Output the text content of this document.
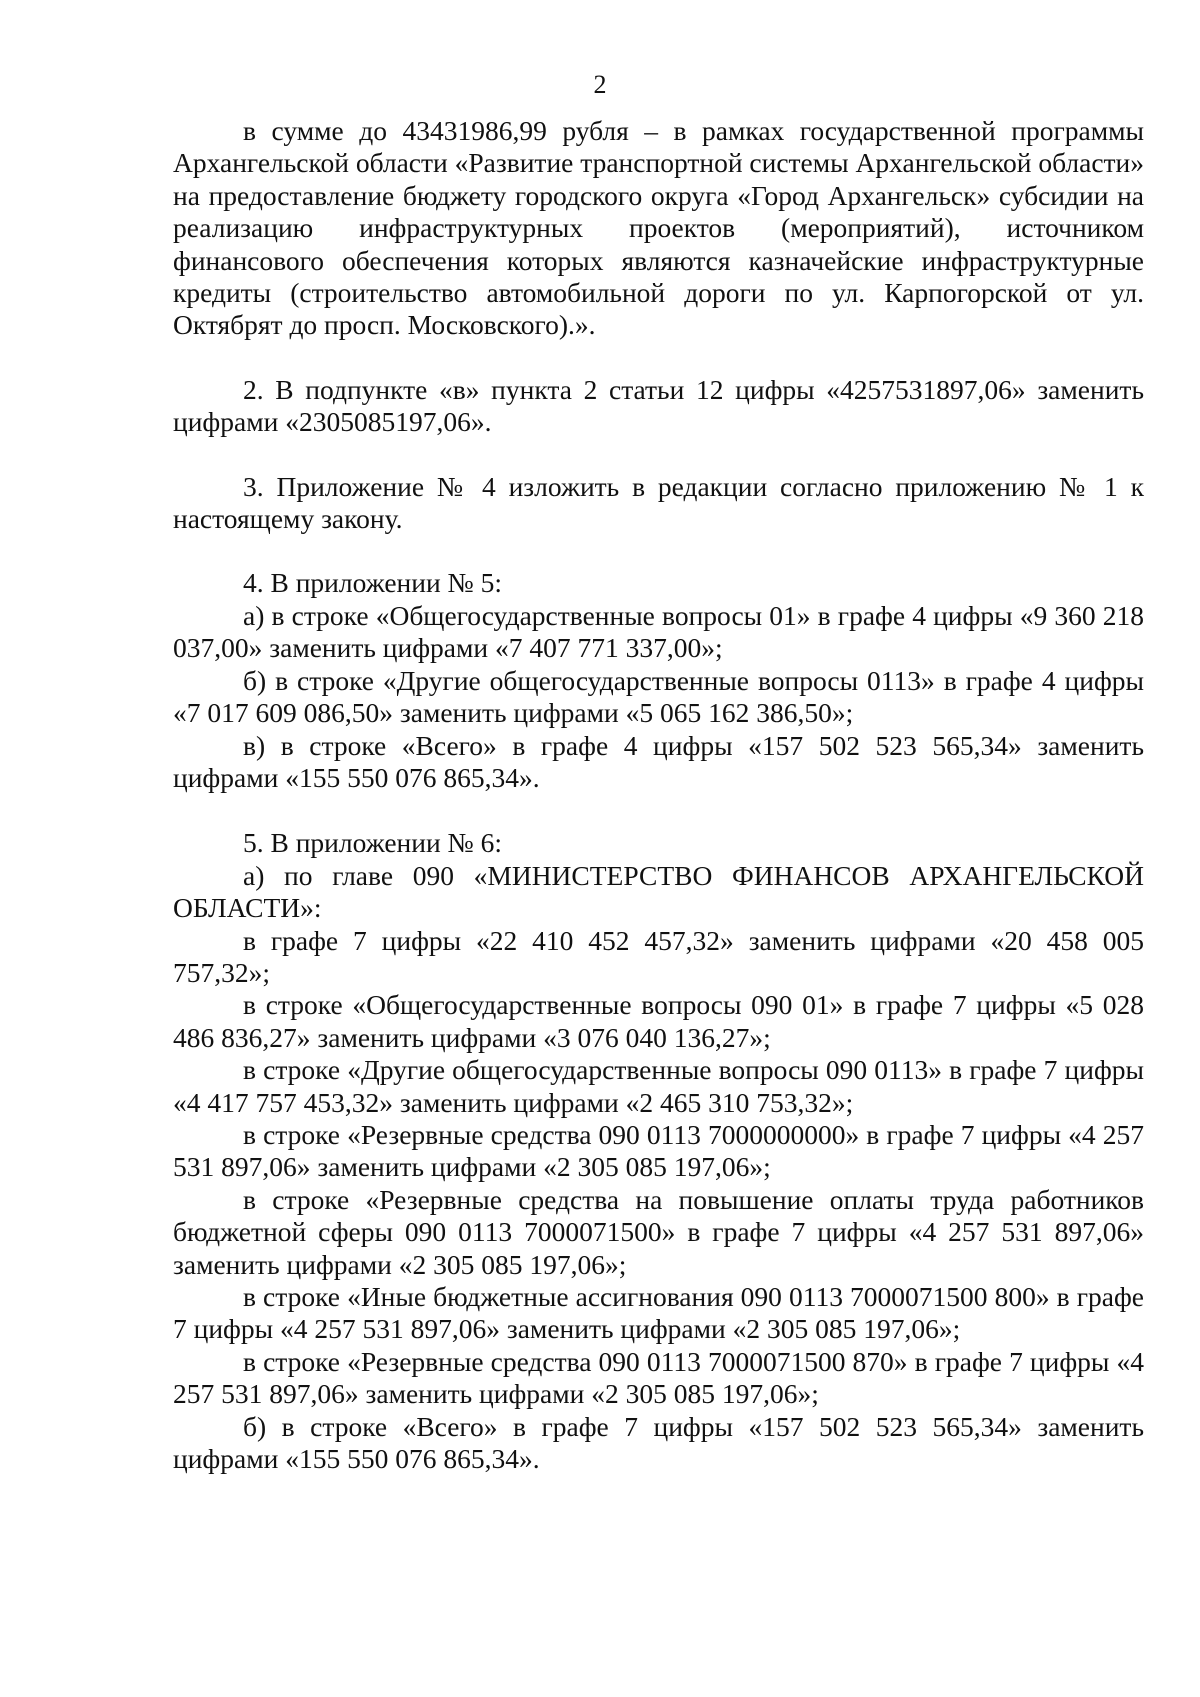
2

в сумме до 43431986,99 рубля – в рамках государственной программы Архангельской области «Развитие транспортной системы Архангельской области» на предоставление бюджету городского округа «Город Архангельск» субсидии на реализацию инфраструктурных проектов (мероприятий), источником финансового обеспечения которых являются казначейские инфраструктурные кредиты (строительство автомобильной дороги по ул. Карпогорской от ул. Октябрят до просп. Московского).».

2. В подпункте «в» пункта 2 статьи 12 цифры «4257531897,06» заменить цифрами «2305085197,06».

3. Приложение № 4 изложить в редакции согласно приложению № 1 к настоящему закону.

4. В приложении № 5:

а) в строке «Общегосударственные вопросы 01» в графе 4 цифры «9 360 218 037,00» заменить цифрами «7 407 771 337,00»;

б) в строке «Другие общегосударственные вопросы 0113» в графе 4 цифры «7 017 609 086,50» заменить цифрами «5 065 162 386,50»;

в) в строке «Всего» в графе 4 цифры «157 502 523 565,34» заменить цифрами «155 550 076 865,34».

5. В приложении № 6:

а) по главе 090 «МИНИСТЕРСТВО ФИНАНСОВ АРХАНГЕЛЬСКОЙ ОБЛАСТИ»:

в графе 7 цифры «22 410 452 457,32» заменить цифрами «20 458 005 757,32»;

в строке «Общегосударственные вопросы 090 01» в графе 7 цифры «5 028 486 836,27» заменить цифрами «3 076 040 136,27»;

в строке «Другие общегосударственные вопросы 090 0113» в графе 7 цифры «4 417 757 453,32» заменить цифрами «2 465 310 753,32»;

в строке «Резервные средства 090 0113 7000000000» в графе 7 цифры «4 257 531 897,06» заменить цифрами «2 305 085 197,06»;

в строке «Резервные средства на повышение оплаты труда работников бюджетной сферы 090 0113 7000071500» в графе 7 цифры «4 257 531 897,06» заменить цифрами «2 305 085 197,06»;

в строке «Иные бюджетные ассигнования 090 0113 7000071500 800» в графе 7 цифры «4 257 531 897,06» заменить цифрами «2 305 085 197,06»;

в строке «Резервные средства 090 0113 7000071500 870» в графе 7 цифры «4 257 531 897,06» заменить цифрами «2 305 085 197,06»;

б) в строке «Всего» в графе 7 цифры «157 502 523 565,34» заменить цифрами «155 550 076 865,34».
